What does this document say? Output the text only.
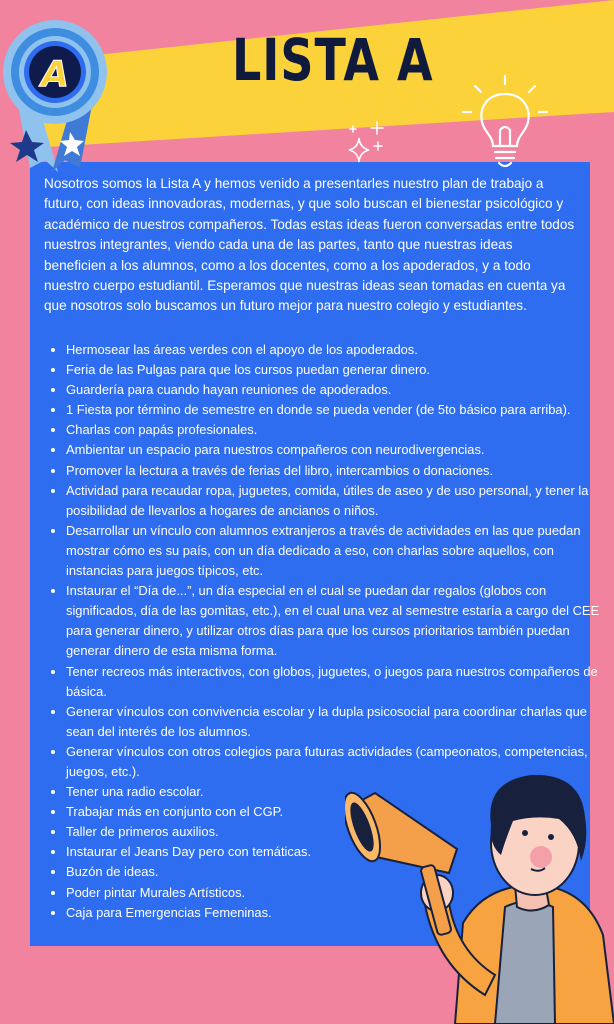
LISTA A
A

Nosotros somos la Lista A y hemos venido a presentarles nuestro plan de trabajo a futuro, con ideas innovadoras, modernas, y que solo buscan el bienestar psicológico y académico de nuestros compañeros. Todas estas ideas fueron conversadas entre todos nuestros integrantes, viendo cada una de las partes, tanto que nuestras ideas beneficien a los alumnos, como a los docentes, como a los apoderados, y a todo nuestro cuerpo estudiantil. Esperamos que nuestras ideas sean tomadas en cuenta ya que nosotros solo buscamos un futuro mejor para nuestro colegio y estudiantes.

• Hermosear las áreas verdes con el apoyo de los apoderados.
• Feria de las Pulgas para que los cursos puedan generar dinero.
• Guardería para cuando hayan reuniones de apoderados.
• 1 Fiesta por término de semestre en donde se pueda vender (de 5to básico para arriba).
• Charlas con papás profesionales.
• Ambientar un espacio para nuestros compañeros con neurodivergencias.
• Promover la lectura a través de ferias del libro, intercambios o donaciones.
• Actividad para recaudar ropa, juguetes, comida, útiles de aseo y de uso personal, y tener la posibilidad de llevarlos a hogares de ancianos o niños.
• Desarrollar un vínculo con alumnos extranjeros a través de actividades en las que puedan mostrar cómo es su país, con un día dedicado a eso, con charlas sobre aquellos, con instancias para juegos típicos, etc.
• Instaurar el “Día de...”, un día especial en el cual se puedan dar regalos (globos con significados, día de las gomitas, etc.), en el cual una vez al semestre estaría a cargo del CEE para generar dinero, y utilizar otros días para que los cursos prioritarios también puedan generar dinero de esta misma forma.
• Tener recreos más interactivos, con globos, juguetes, o juegos para nuestros compañeros de básica.
• Generar vínculos con convivencia escolar y la dupla psicosocial para coordinar charlas que sean del interés de los alumnos.
• Generar vínculos con otros colegios para futuras actividades (campeonatos, competencias, juegos, etc.).
• Tener una radio escolar.
• Trabajar más en conjunto con el CGP.
• Taller de primeros auxilios.
• Instaurar el Jeans Day pero con temáticas.
• Buzón de ideas.
• Poder pintar Murales Artísticos.
• Caja para Emergencias Femeninas.
